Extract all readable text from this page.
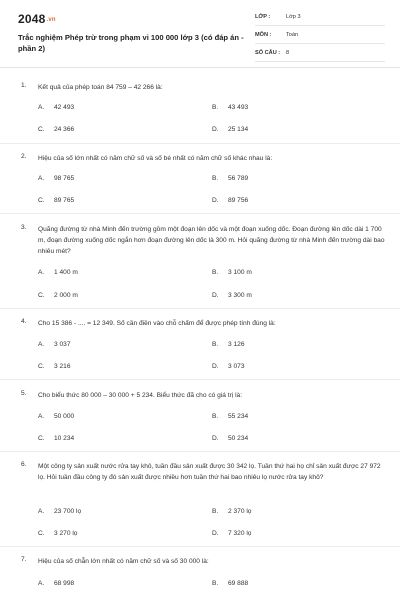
2048.vn
Trắc nghiệm Phép trừ trong phạm vi 100 000 lớp 3 (có đáp án - phần 2)
LỚP :	Lớp 3
MÔN :	Toán
SỐ CÂU : 8
1. Kết quả của phép toán 84 759 – 42 266 là:
A. 42 493	B. 43 493
C. 24 366	D. 25 134
2. Hiệu của số lớn nhất có năm chữ số và số bé nhất có năm chữ số khác nhau là:
A. 98 765	B. 56 789
C. 89 765	D. 89 756
3. Quãng đường từ nhà Minh đến trường gồm một đoạn lên dốc và một đoạn xuống dốc. Đoạn đường lên dốc dài 1 700 m, đoạn đường xuống dốc ngắn hơn đoạn đường lên dốc là 300 m. Hỏi quãng đường từ nhà Minh đến trường dài bao nhiêu mét?
A. 1 400 m	B. 3 100 m
C. 2 000 m	D. 3 300 m
4. Cho 15 386 - .... = 12 349. Số cần điền vào chỗ chấm để được phép tính đúng là:
A. 3 037	B. 3 126
C. 3 216	D. 3 073
5. Cho biểu thức 80 000 – 30 000 + 5 234. Biểu thức đã cho có giá trị là:
A. 50 000	B. 55 234
C. 10 234	D. 50 234
6. Một công ty sản xuất nước rửa tay khô, tuần đầu sản xuất được 30 342 lọ. Tuần thứ hai họ chỉ sản xuất được 27 972 lọ. Hỏi tuần đầu công ty đó sản xuất được nhiều hơn tuần thứ hai bao nhiêu lọ nước rửa tay khô?
A. 23 700 lọ	B. 2 370 lọ
C. 3 270 lọ	D. 7 320 lọ
7. Hiệu của số chẵn lớn nhất có năm chữ số và số 30 000 là:
A. 68 998	B. 69 888
